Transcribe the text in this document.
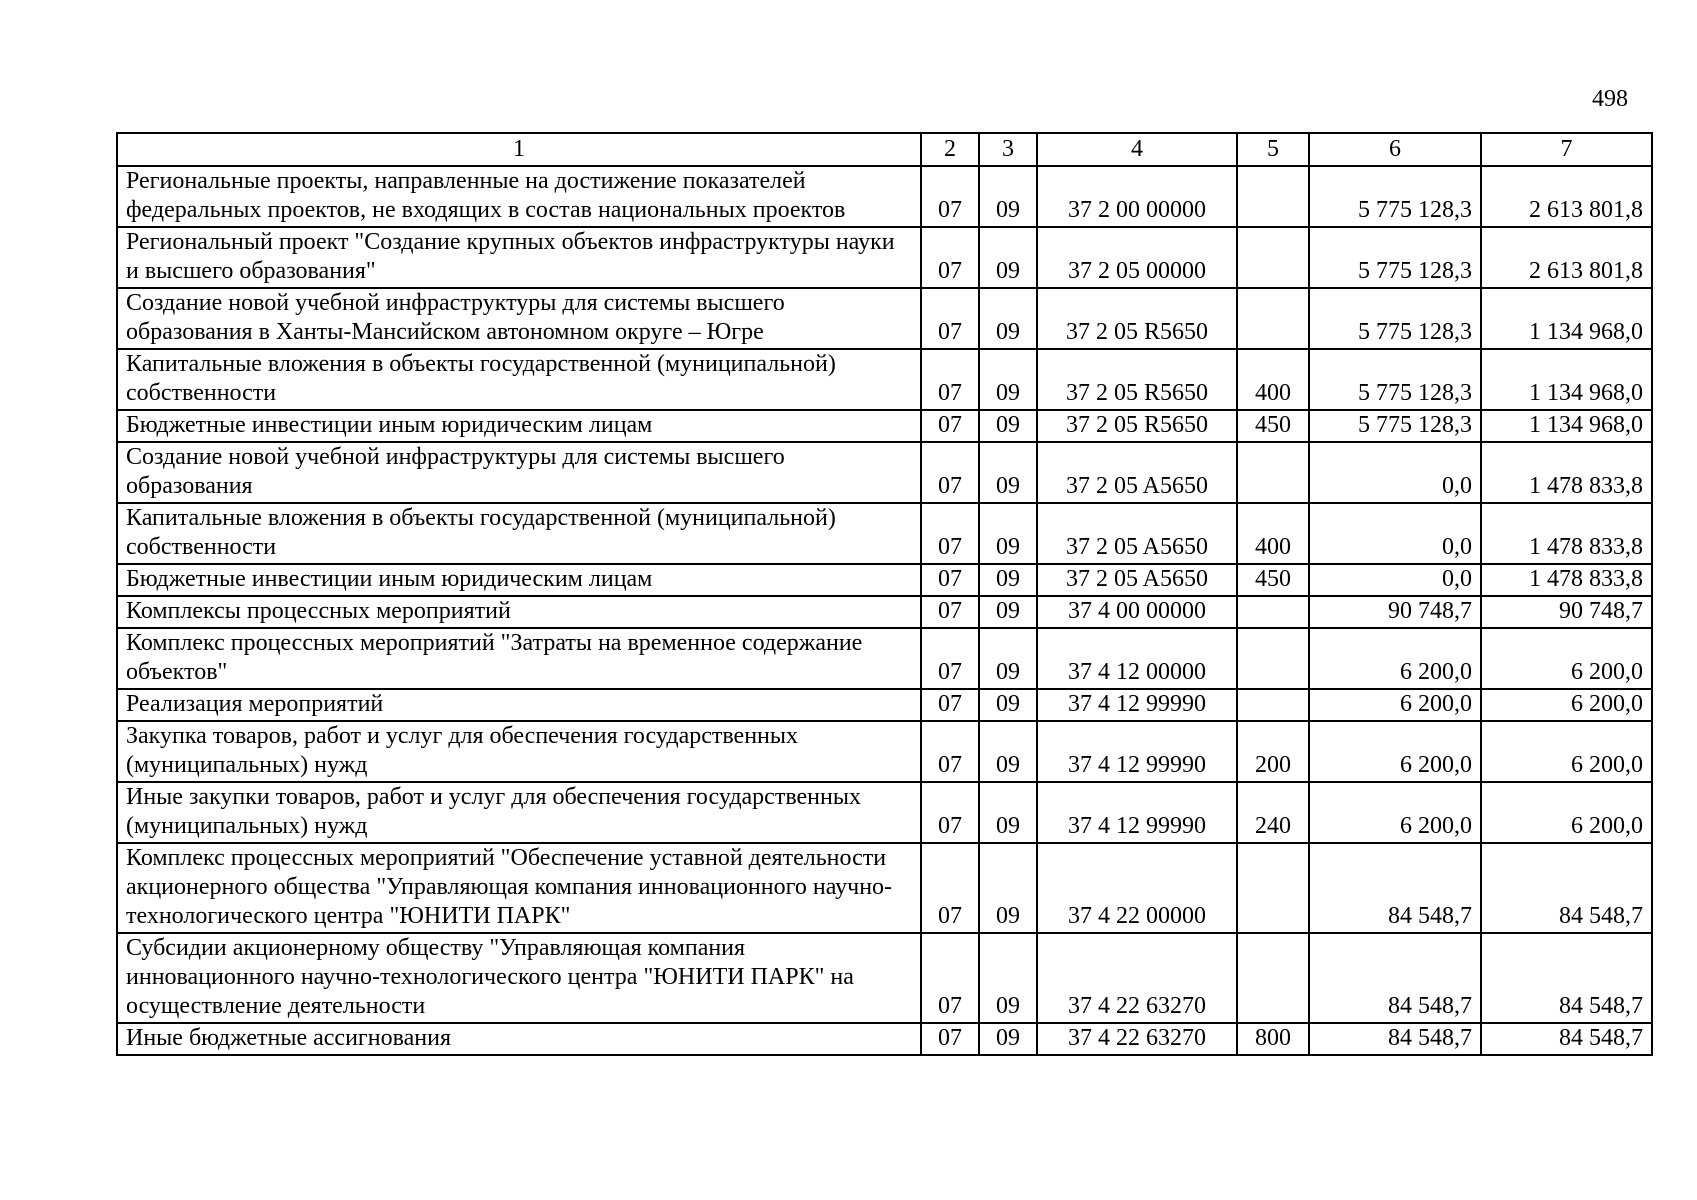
498
1	2	3	4	5	6	7
Региональные проекты, направленные на достижение показателей федеральных проектов, не входящих в состав национальных проектов	07	09	37 2 00 00000		5 775 128,3	2 613 801,8
Региональный проект "Создание крупных объектов инфраструктуры науки и высшего образования"	07	09	37 2 05 00000		5 775 128,3	2 613 801,8
Создание новой учебной инфраструктуры для системы высшего образования в Ханты-Мансийском автономном округе – Югре	07	09	37 2 05 R5650		5 775 128,3	1 134 968,0
Капитальные вложения в объекты государственной (муниципальной) собственности	07	09	37 2 05 R5650	400	5 775 128,3	1 134 968,0
Бюджетные инвестиции иным юридическим лицам	07	09	37 2 05 R5650	450	5 775 128,3	1 134 968,0
Создание новой учебной инфраструктуры для системы высшего образования	07	09	37 2 05 A5650		0,0	1 478 833,8
Капитальные вложения в объекты государственной (муниципальной) собственности	07	09	37 2 05 A5650	400	0,0	1 478 833,8
Бюджетные инвестиции иным юридическим лицам	07	09	37 2 05 A5650	450	0,0	1 478 833,8
Комплексы процессных мероприятий	07	09	37 4 00 00000		90 748,7	90 748,7
Комплекс процессных мероприятий "Затраты на временное содержание объектов"	07	09	37 4 12 00000		6 200,0	6 200,0
Реализация мероприятий	07	09	37 4 12 99990		6 200,0	6 200,0
Закупка товаров, работ и услуг для обеспечения государственных (муниципальных) нужд	07	09	37 4 12 99990	200	6 200,0	6 200,0
Иные закупки товаров, работ и услуг для обеспечения государственных (муниципальных) нужд	07	09	37 4 12 99990	240	6 200,0	6 200,0
Комплекс процессных мероприятий "Обеспечение уставной деятельности акционерного общества "Управляющая компания инновационного научно-технологического центра "ЮНИТИ ПАРК"	07	09	37 4 22 00000		84 548,7	84 548,7
Субсидии акционерному обществу "Управляющая компания инновационного научно-технологического центра "ЮНИТИ ПАРК" на осуществление деятельности	07	09	37 4 22 63270		84 548,7	84 548,7
Иные бюджетные ассигнования	07	09	37 4 22 63270	800	84 548,7	84 548,7
